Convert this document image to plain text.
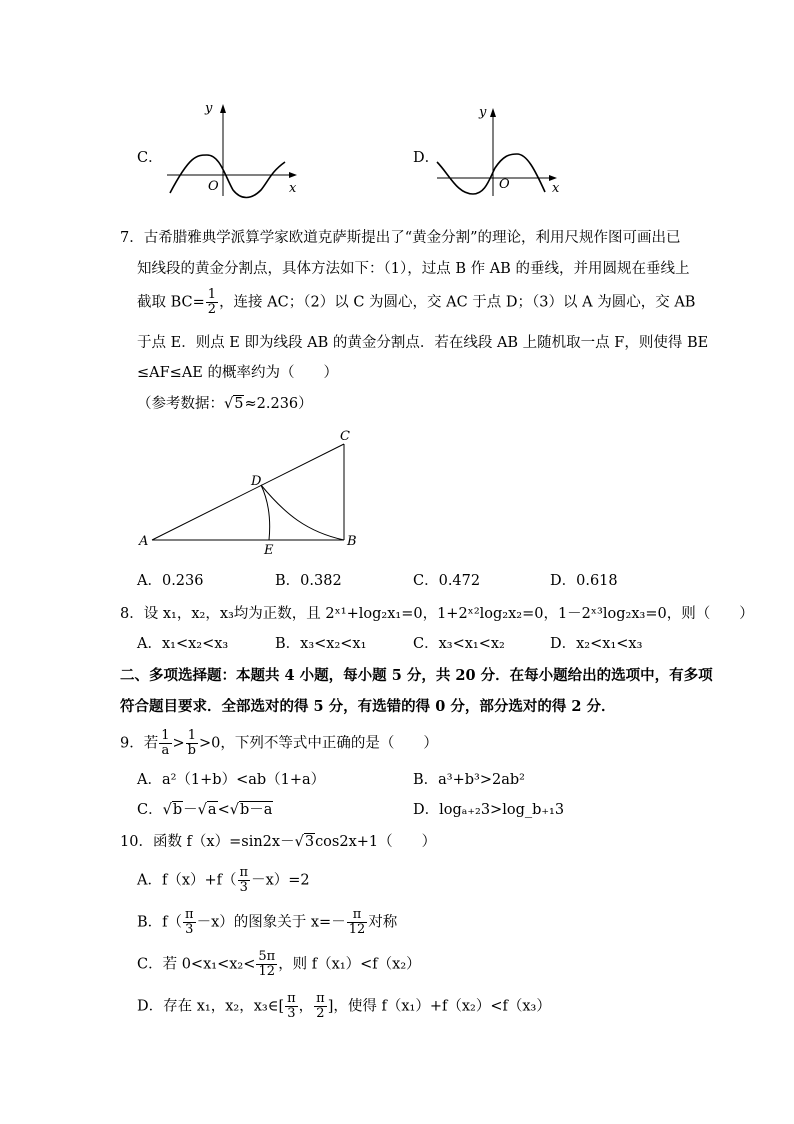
C．
y
x
O
D．
y
x
O
7．古希腊雅典学派算学家欧道克萨斯提出了“黄金分割”的理论，利用尺规作图可画出已
知线段的黄金分割点，具体方法如下：（1），过点 B 作 AB 的垂线，并用圆规在垂线上
截取 $BC= \frac{1}{2}$ ，连接 AC；（2）以 C 为圆心，交 AC 于点 D；（3）以 A 为圆心，交 AB
于点 E．则点 E 即为线段 AB 的黄金分割点．若在线段 AB 上随机取一点 F，则使得 BE
≤AF≤AE 的概率约为（　　）
（参考数据：√5≈2.236）
A	B
C
D
E
A．0.236	B．0.382	C．0.472	D．0.618
8．设 x₁，x₂，x₃均为正数，且 2ˣ¹+log₂x₁=0，1+2ˣ²log₂x₂=0，1－2ˣ³log₂x₃=0，则（　　）
A．x₁<x₂<x₃	B．x₃<x₂<x₁	C．x₃<x₁<x₂	D．x₂<x₁<x₃
二、多项选择题：本题共 4 小题，每小题 5 分，共 20 分．在每小题给出的选项中，有多项
符合题目要求．全部选对的得 5 分，有选错的得 0 分，部分选对的得 2 分．
9．若 $\frac{1}{a} > \frac{1}{b} >0$，下列不等式中正确的是（　　）
A．a²（1+b）<ab（1+a）	B．a³+b³>2ab²
C．√b－√a<√b－a	D．logₐ₊₂3>log_b₊₁3
10．函数 f（x）=sin2x－√3cos2x+1（　　）
A．$f(x)+f( \frac{\pi}{3} -x)=2$
B．$f( \frac{\pi}{3} -x)$的图象关于 $x=- \frac{\pi}{12}$ 对称
C．若 $0<x_1<x_2< \frac{5\pi}{12}$ ，则 f（x₁）<f（x₂）
D．存在 x₁，x₂，x₃∈[ $\frac{\pi}{3}$ ， $\frac{\pi}{2}$ ]，使得 f（x₁）+f（x₂）<f（x₃）
